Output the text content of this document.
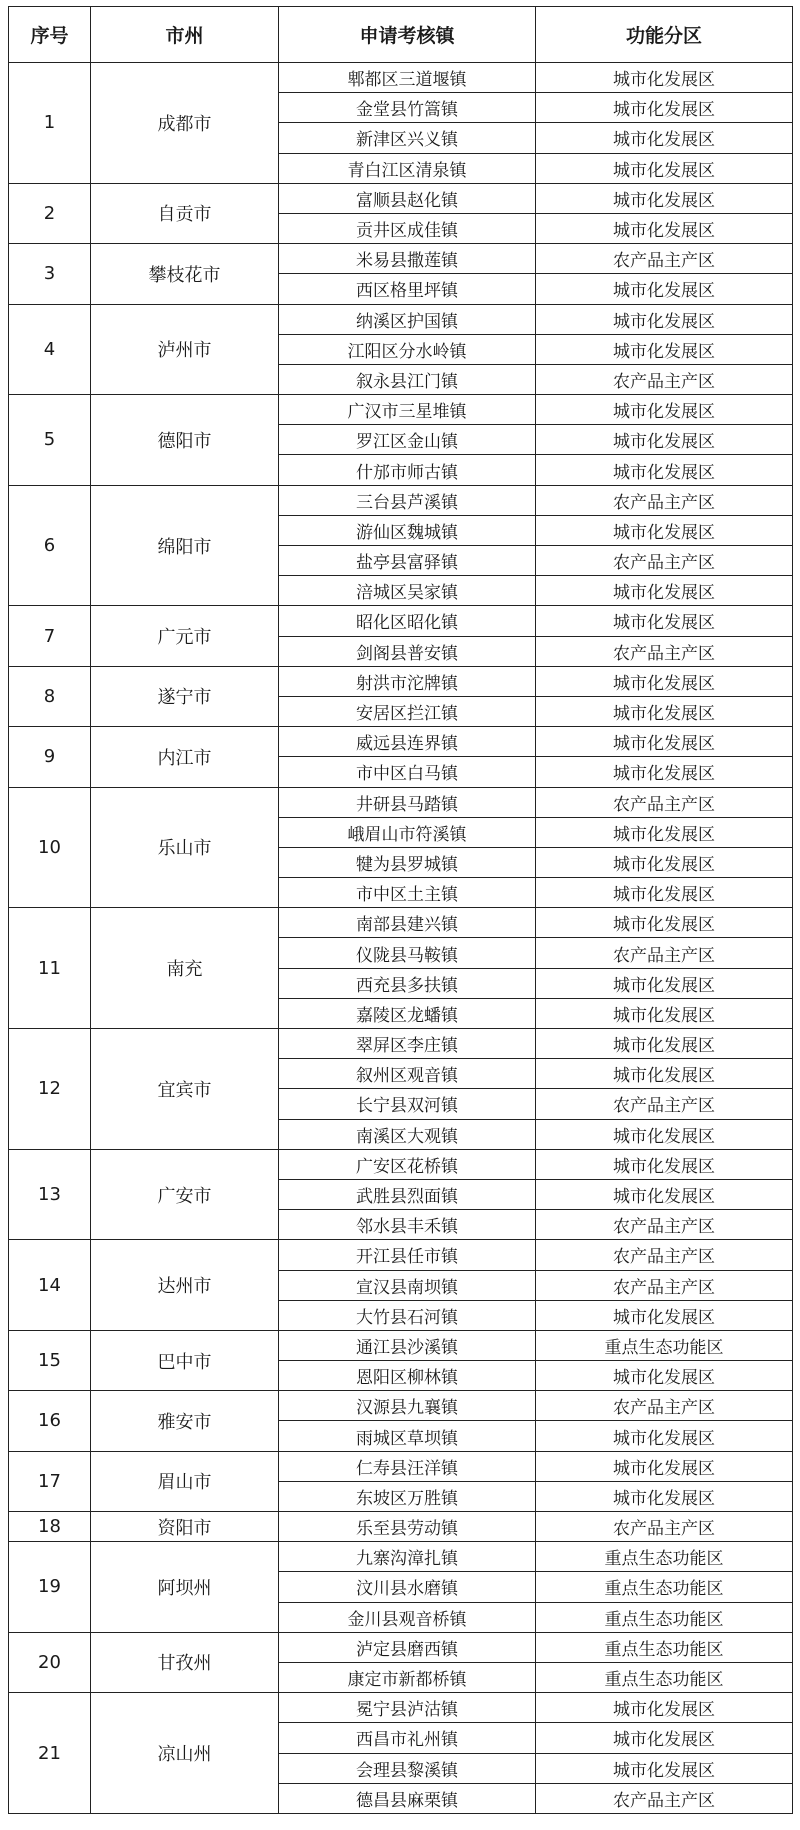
序号	市州	申请考核镇	功能分区
1	成都市	郫都区三道堰镇	城市化发展区
		金堂县竹篙镇	城市化发展区
		新津区兴义镇	城市化发展区
		青白江区清泉镇	城市化发展区
2	自贡市	富顺县赵化镇	城市化发展区
		贡井区成佳镇	城市化发展区
3	攀枝花市	米易县撒莲镇	农产品主产区
		西区格里坪镇	城市化发展区
4	泸州市	纳溪区护国镇	城市化发展区
		江阳区分水岭镇	城市化发展区
		叙永县江门镇	农产品主产区
5	德阳市	广汉市三星堆镇	城市化发展区
		罗江区金山镇	城市化发展区
		什邡市师古镇	城市化发展区
6	绵阳市	三台县芦溪镇	农产品主产区
		游仙区魏城镇	城市化发展区
		盐亭县富驿镇	农产品主产区
		涪城区吴家镇	城市化发展区
7	广元市	昭化区昭化镇	城市化发展区
		剑阁县普安镇	农产品主产区
8	遂宁市	射洪市沱牌镇	城市化发展区
		安居区拦江镇	城市化发展区
9	内江市	威远县连界镇	城市化发展区
		市中区白马镇	城市化发展区
10	乐山市	井研县马踏镇	农产品主产区
		峨眉山市符溪镇	城市化发展区
		犍为县罗城镇	城市化发展区
		市中区土主镇	城市化发展区
11	南充	南部县建兴镇	城市化发展区
		仪陇县马鞍镇	农产品主产区
		西充县多扶镇	城市化发展区
		嘉陵区龙蟠镇	城市化发展区
12	宜宾市	翠屏区李庄镇	城市化发展区
		叙州区观音镇	城市化发展区
		长宁县双河镇	农产品主产区
		南溪区大观镇	城市化发展区
13	广安市	广安区花桥镇	城市化发展区
		武胜县烈面镇	城市化发展区
		邻水县丰禾镇	农产品主产区
14	达州市	开江县任市镇	农产品主产区
		宣汉县南坝镇	农产品主产区
		大竹县石河镇	城市化发展区
15	巴中市	通江县沙溪镇	重点生态功能区
		恩阳区柳林镇	城市化发展区
16	雅安市	汉源县九襄镇	农产品主产区
		雨城区草坝镇	城市化发展区
17	眉山市	仁寿县汪洋镇	城市化发展区
		东坡区万胜镇	城市化发展区
18	资阳市	乐至县劳动镇	农产品主产区
19	阿坝州	九寨沟漳扎镇	重点生态功能区
		汶川县水磨镇	重点生态功能区
		金川县观音桥镇	重点生态功能区
20	甘孜州	泸定县磨西镇	重点生态功能区
		康定市新都桥镇	重点生态功能区
21	凉山州	冕宁县泸沽镇	城市化发展区
		西昌市礼州镇	城市化发展区
		会理县黎溪镇	城市化发展区
		德昌县麻栗镇	农产品主产区
